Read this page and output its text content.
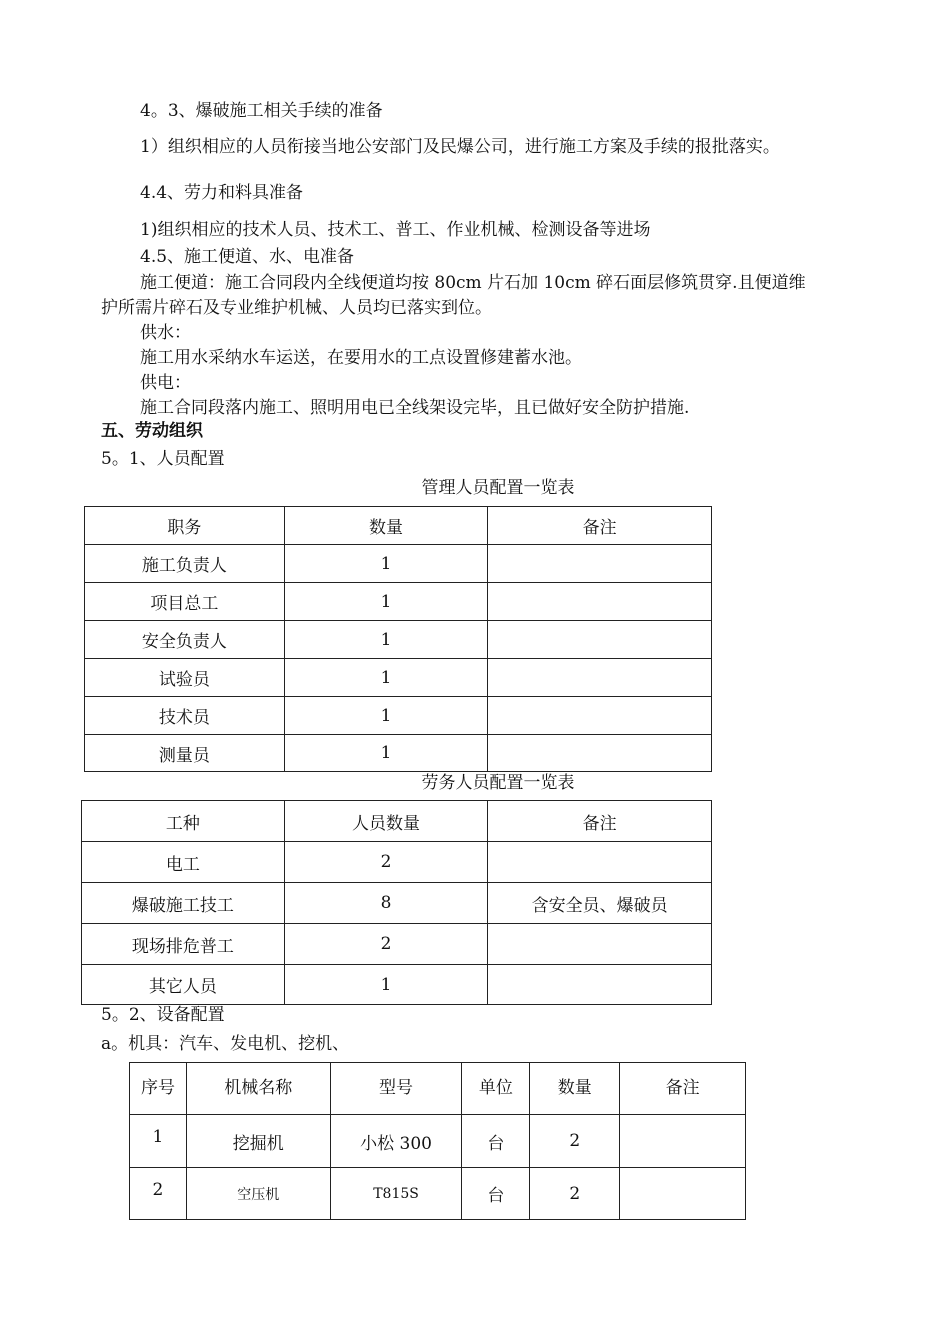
4。3、爆破施工相关手续的准备
1）组织相应的人员衔接当地公安部门及民爆公司，进行施工方案及手续的报批落实。
4.4、劳力和料具准备
1)组织相应的技术人员、技术工、普工、作业机械、检测设备等进场
4.5、施工便道、水、电准备
施工便道：施工合同段内全线便道均按 80cm 片石加 10cm 碎石面层修筑贯穿.且便道维
护所需片碎石及专业维护机械、人员均已落实到位。
供水：
施工用水采纳水车运送，在要用水的工点设置修建蓄水池。
供电：
施工合同段落内施工、照明用电已全线架设完毕，且已做好安全防护措施.
五、劳动组织
5。1、人员配置
管理人员配置一览表
职务	数量	备注
施工负责人	1	
项目总工	1	
安全负责人	1	
试验员	1	
技术员	1	
测量员	1	
劳务人员配置一览表
工种	人员数量	备注
电工	2	
爆破施工技工	8	含安全员、爆破员
现场排危普工	2	
其它人员	1	
5。2、设备配置
a。机具：汽车、发电机、挖机、
序号	机械名称	型号	单位	数量	备注
1	挖掘机	小松 300	台	2	
2	空压机	T815S	台	2	
